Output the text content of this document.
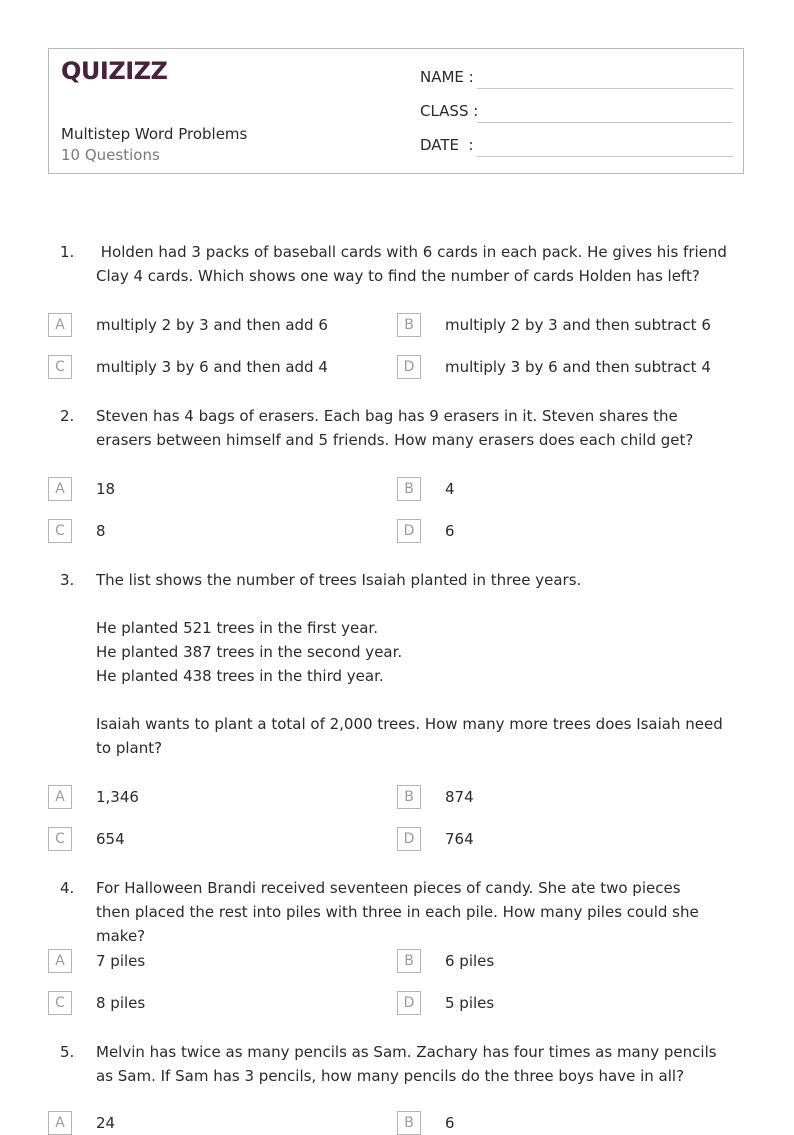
QUIZIZZ
Multistep Word Problems
10 Questions
NAME :
CLASS :
DATE  :
1. Holden had 3 packs of baseball cards with 6 cards in each pack. He gives his friend Clay 4 cards. Which shows one way to find the number of cards Holden has left?

A	multiply 2 by 3 and then add 6	B	multiply 2 by 3 and then subtract 6
C	multiply 3 by 6 and then add 4	D	multiply 3 by 6 and then subtract 4
2. Steven has 4 bags of erasers. Each bag has 9 erasers in it. Steven shares the erasers between himself and 5 friends. How many erasers does each child get?

A	18	B	4
C	8	D	6
3. The list shows the number of trees Isaiah planted in three years.

He planted 521 trees in the first year.

He planted 387 trees in the second year.

He planted 438 trees in the third year.

Isaiah wants to plant a total of 2,000 trees. How many more trees does Isaiah need to plant?

A	1,346	B	874
C	654	D	764
4. For Halloween Brandi received seventeen pieces of candy. She ate two pieces then placed the rest into piles with three in each pile. How many piles could she make?

A	7 piles	B	6 piles
C	8 piles	D	5 piles
5. Melvin has twice as many pencils as Sam. Zachary has four times as many pencils as Sam. If Sam has 3 pencils, how many pencils do the three boys have in all?

A	24	B	6
